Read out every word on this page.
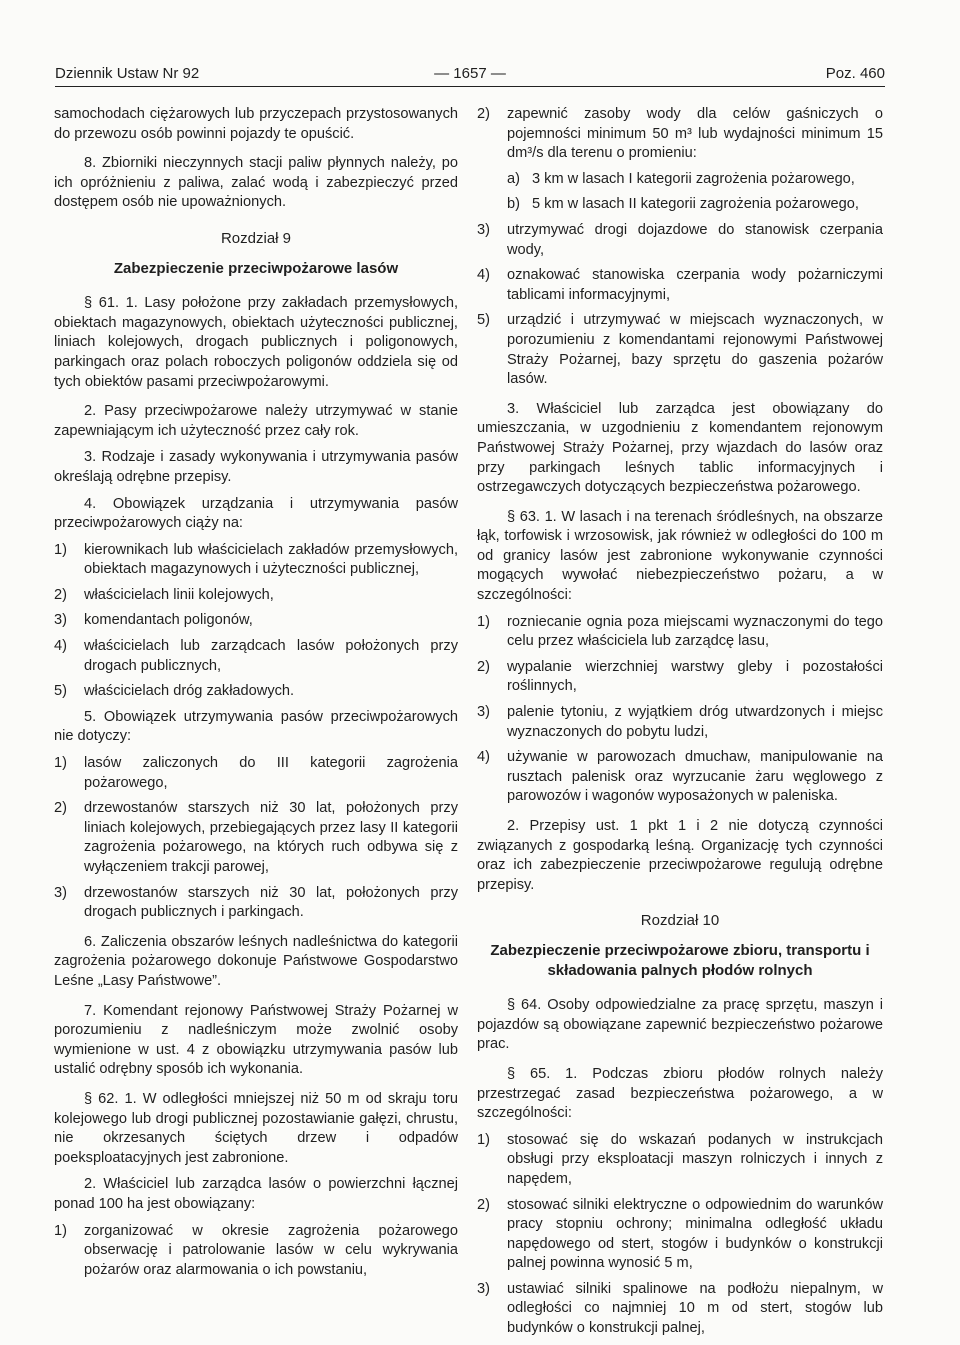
Dziennik Ustaw Nr 92	— 1657 —	Poz. 460

samochodach ciężarowych lub przyczepach przystosowanych do przewozu osób powinni pojazdy te opuścić.

8. Zbiorniki nieczynnych stacji paliw płynnych należy, po ich opróżnieniu z paliwa, zalać wodą i zabezpieczyć przed dostępem osób nie upoważnionych.

Rozdział 9
Zabezpieczenie przeciwpożarowe lasów

§ 61. 1. Lasy położone przy zakładach przemysłowych, obiektach magazynowych, obiektach użyteczności publicznej, liniach kolejowych, drogach publicznych i poligonowych, parkingach oraz polach roboczych poligonów oddziela się od tych obiektów pasami przeciwpożarowymi.

2. Pasy przeciwpożarowe należy utrzymywać w stanie zapewniającym ich użyteczność przez cały rok.

3. Rodzaje i zasady wykonywania i utrzymywania pasów określają odrębne przepisy.

4. Obowiązek urządzania i utrzymywania pasów przeciwpożarowych ciąży na:

1)	kierownikach lub właścicielach zakładów przemysłowych, obiektach magazynowych i użyteczności publicznej,
2)	właścicielach linii kolejowych,
3)	komendantach poligonów,
4)	właścicielach lub zarządcach lasów położonych przy drogach publicznych,
5)	właścicielach dróg zakładowych.

5. Obowiązek utrzymywania pasów przeciwpożarowych nie dotyczy:

1)	lasów zaliczonych do III kategorii zagrożenia pożarowego,
2)	drzewostanów starszych niż 30 lat, położonych przy liniach kolejowych, przebiegających przez lasy II kategorii zagrożenia pożarowego, na których ruch odbywa się z wyłączeniem trakcji parowej,
3)	drzewostanów starszych niż 30 lat, położonych przy drogach publicznych i parkingach.

6. Zaliczenia obszarów leśnych nadleśnictwa do kategorii zagrożenia pożarowego dokonuje Państwowe Gospodarstwo Leśne „Lasy Państwowe”.

7. Komendant rejonowy Państwowej Straży Pożarnej w porozumieniu z nadleśniczym może zwolnić osoby wymienione w ust. 4 z obowiązku utrzymywania pasów lub ustalić odrębny sposób ich wykonania.

§ 62. 1. W odległości mniejszej niż 50 m od skraju toru kolejowego lub drogi publicznej pozostawianie gałęzi, chrustu, nie okrzesanych ściętych drzew i odpadów poeksploatacyjnych jest zabronione.

2. Właściciel lub zarządca lasów o powierzchni łącznej ponad 100 ha jest obowiązany:

1)	zorganizować w okresie zagrożenia pożarowego obserwację i patrolowanie lasów w celu wykrywania pożarów oraz alarmowania o ich powstaniu,
2)	zapewnić zasoby wody dla celów gaśniczych o pojemności minimum 50 m³ lub wydajności minimum 15 dm³/s dla terenu o promieniu:
a) 3 km w lasach I kategorii zagrożenia pożarowego,
b) 5 km w lasach II kategorii zagrożenia pożarowego,
3)	utrzymywać drogi dojazdowe do stanowisk czerpania wody,
4)	oznakować stanowiska czerpania wody pożarniczymi tablicami informacyjnymi,
5)	urządzić i utrzymywać w miejscach wyznaczonych, w porozumieniu z komendantami rejonowymi Państwowej Straży Pożarnej, bazy sprzętu do gaszenia pożarów lasów.

3. Właściciel lub zarządca jest obowiązany do umieszczania, w uzgodnieniu z komendantem rejonowym Państwowej Straży Pożarnej, przy wjazdach do lasów oraz przy parkingach leśnych tablic informacyjnych i ostrzegawczych dotyczących bezpieczeństwa pożarowego.

§ 63. 1. W lasach i na terenach śródleśnych, na obszarze łąk, torfowisk i wrzosowisk, jak również w odległości do 100 m od granicy lasów jest zabronione wykonywanie czynności mogących wywołać niebezpieczeństwo pożaru, a w szczególności:

1)	rozniecanie ognia poza miejscami wyznaczonymi do tego celu przez właściciela lub zarządcę lasu,
2)	wypalanie wierzchniej warstwy gleby i pozostałości roślinnych,
3)	palenie tytoniu, z wyjątkiem dróg utwardzonych i miejsc wyznaczonych do pobytu ludzi,
4)	używanie w parowozach dmuchaw, manipulowanie na rusztach palenisk oraz wyrzucanie żaru węglowego z parowozów i wagonów wyposażonych w paleniska.

2. Przepisy ust. 1 pkt 1 i 2 nie dotyczą czynności związanych z gospodarką leśną. Organizację tych czynności oraz ich zabezpieczenie przeciwpożarowe regulują odrębne przepisy.

Rozdział 10
Zabezpieczenie przeciwpożarowe zbioru, transportu i składowania palnych płodów rolnych

§ 64. Osoby odpowiedzialne za pracę sprzętu, maszyn i pojazdów są obowiązane zapewnić bezpieczeństwo pożarowe prac.

§ 65. 1. Podczas zbioru płodów rolnych należy przestrzegać zasad bezpieczeństwa pożarowego, a w szczególności:

1)	stosować się do wskazań podanych w instrukcjach obsługi przy eksploatacji maszyn rolniczych i innych z napędem,
2)	stosować silniki elektryczne o odpowiednim do warunków pracy stopniu ochrony; minimalna odległość układu napędowego od stert, stogów i budynków o konstrukcji palnej powinna wynosić 5 m,
3)	ustawiać silniki spalinowe na podłożu niepalnym, w odległości co najmniej 10 m od stert, stogów lub budynków o konstrukcji palnej,
